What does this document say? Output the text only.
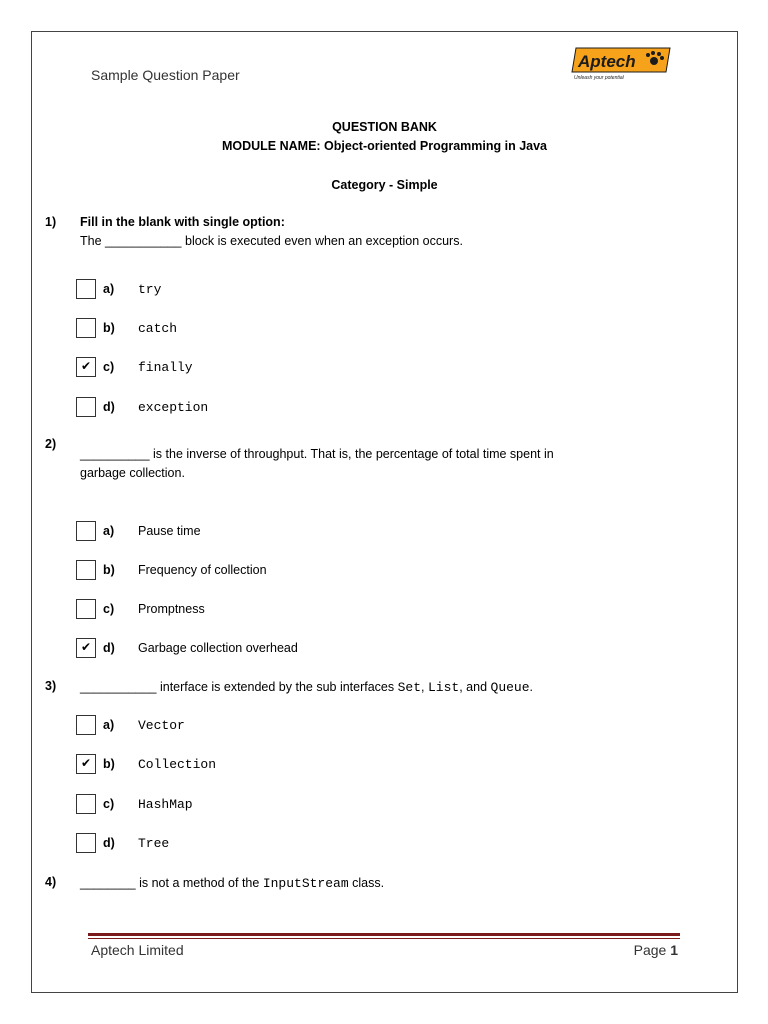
Sample Question Paper
Aptech
Unleash your potential
QUESTION BANK
MODULE NAME: Object-oriented Programming in Java
Category - Simple
1) Fill in the blank with single option:
The ___________ block is executed even when an exception occurs.
a) try
b) catch
✔ c) finally
d) exception
2)
__________ is the inverse of throughput. That is, the percentage of total time spent in
garbage collection.
a) Pause time
b) Frequency of collection
c) Promptness
✔ d) Garbage collection overhead
3) ___________ interface is extended by the sub interfaces Set, List, and Queue.
a) Vector
✔ b) Collection
c) HashMap
d) Tree
4) ________ is not a method of the InputStream class.
Aptech Limited	Page 1
